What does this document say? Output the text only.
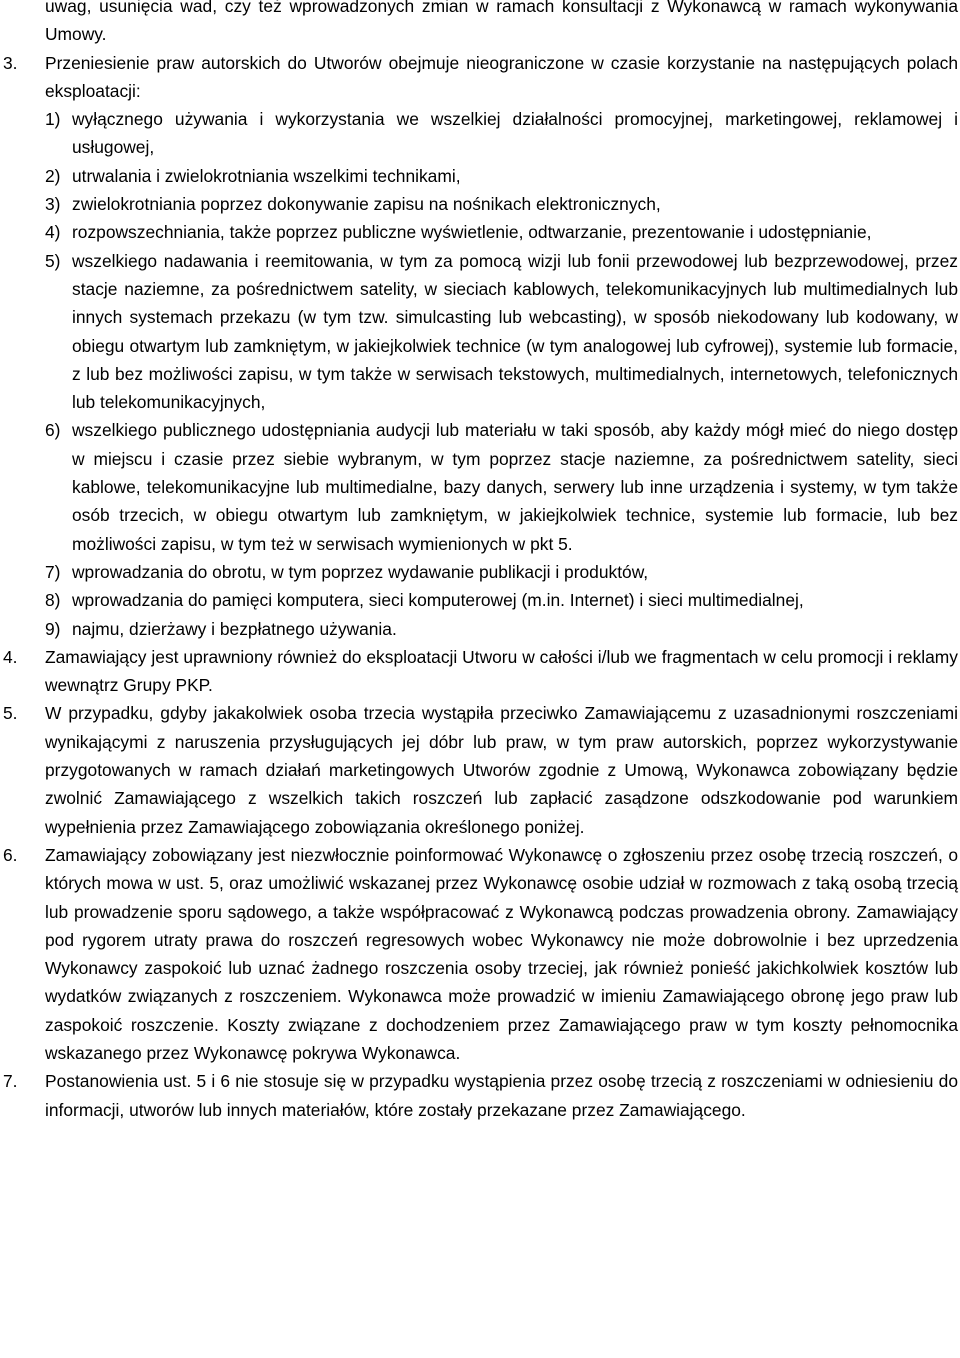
uwag, usunięcia wad, czy też wprowadzonych zmian w ramach konsultacji z Wykonawcą w ramach wykonywania Umowy.
3.	Przeniesienie praw autorskich do Utworów obejmuje nieograniczone w czasie korzystanie na następujących polach eksploatacji:
1) wyłącznego używania i wykorzystania we wszelkiej działalności promocyjnej, marketingowej, reklamowej i usługowej,
2) utrwalania i zwielokrotniania wszelkimi technikami,
3) zwielokrotniania poprzez dokonywanie zapisu na nośnikach elektronicznych,
4) rozpowszechniania, także poprzez publiczne wyświetlenie, odtwarzanie, prezentowanie i udostępnianie,
5) wszelkiego nadawania i reemitowania, w tym za pomocą wizji lub fonii przewodowej lub bezprzewodowej, przez stacje naziemne, za pośrednictwem satelity, w sieciach kablowych, telekomunikacyjnych lub multimedialnych lub innych systemach przekazu (w tym tzw. simulcasting lub webcasting), w sposób niekodowany lub kodowany, w obiegu otwartym lub zamkniętym, w jakiejkolwiek technice (w tym analogowej lub cyfrowej), systemie lub formacie, z lub bez możliwości zapisu, w tym także w serwisach tekstowych, multimedialnych, internetowych, telefonicznych lub telekomunikacyjnych,
6) wszelkiego publicznego udostępniania audycji lub materiału w taki sposób, aby każdy mógł mieć do niego dostęp w miejscu i czasie przez siebie wybranym, w tym poprzez stacje naziemne, za pośrednictwem satelity, sieci kablowe, telekomunikacyjne lub multimedialne, bazy danych, serwery lub inne urządzenia i systemy, w tym także osób trzecich, w obiegu otwartym lub zamkniętym, w jakiejkolwiek technice, systemie lub formacie, lub bez możliwości zapisu, w tym też w serwisach wymienionych w pkt 5.
7) wprowadzania do obrotu, w tym poprzez wydawanie publikacji i produktów,
8) wprowadzania do pamięci komputera, sieci komputerowej (m.in. Internet) i sieci multimedialnej,
9) najmu, dzierżawy i bezpłatnego używania.
4.	Zamawiający jest uprawniony również do eksploatacji Utworu w całości i/lub we fragmentach w celu promocji i reklamy wewnątrz Grupy PKP.
5.	W przypadku, gdyby jakakolwiek osoba trzecia wystąpiła przeciwko Zamawiającemu z uzasadnionymi roszczeniami wynikającymi z naruszenia przysługujących jej dóbr lub praw, w tym praw autorskich, poprzez wykorzystywanie przygotowanych w ramach działań marketingowych Utworów zgodnie z Umową, Wykonawca zobowiązany będzie zwolnić Zamawiającego z wszelkich takich roszczeń lub zapłacić zasądzone odszkodowanie pod warunkiem wypełnienia przez Zamawiającego zobowiązania określonego poniżej.
6.	Zamawiający zobowiązany jest niezwłocznie poinformować Wykonawcę o zgłoszeniu przez osobę trzecią roszczeń, o których mowa w ust. 5, oraz umożliwić wskazanej przez Wykonawcę osobie udział w rozmowach z taką osobą trzecią lub prowadzenie sporu sądowego, a także współpracować z Wykonawcą podczas prowadzenia obrony. Zamawiający pod rygorem utraty prawa do roszczeń regresowych wobec Wykonawcy nie może dobrowolnie i bez uprzedzenia Wykonawcy zaspokoić lub uznać żadnego roszczenia osoby trzeciej, jak również ponieść jakichkolwiek kosztów lub wydatków związanych z roszczeniem. Wykonawca może prowadzić w imieniu Zamawiającego obronę jego praw lub zaspokoić roszczenie. Koszty związane z dochodzeniem przez Zamawiającego praw w tym koszty pełnomocnika wskazanego przez Wykonawcę pokrywa Wykonawca.
7.	Postanowienia ust. 5 i 6 nie stosuje się w przypadku wystąpienia przez osobę trzecią z roszczeniami w odniesieniu do informacji, utworów lub innych materiałów, które zostały przekazane przez Zamawiającego.
